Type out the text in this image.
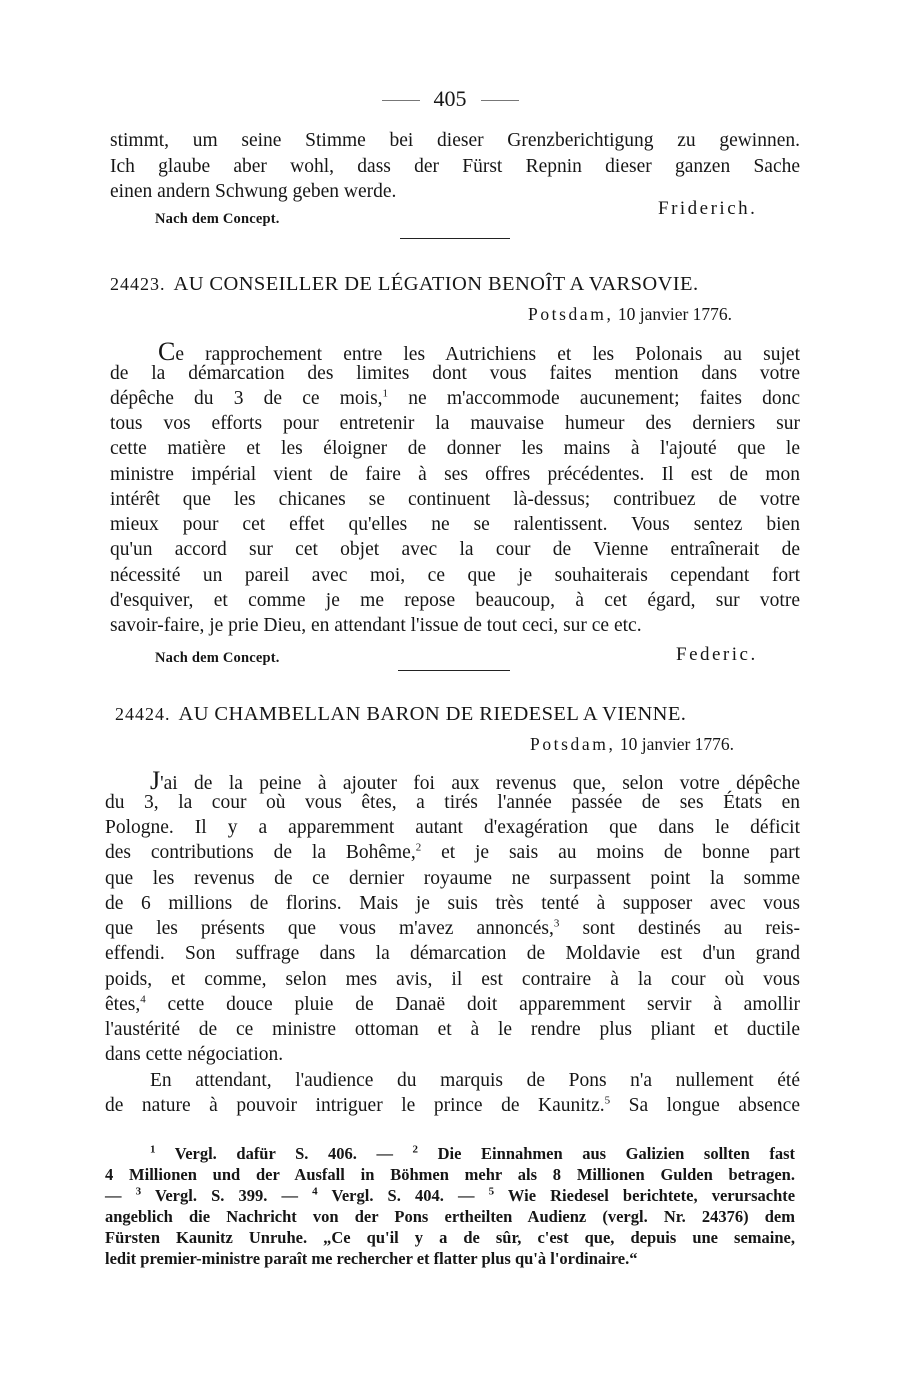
405
stimmt, um seine Stimme bei dieser Grenzberichtigung zu gewinnen.
Ich glaube aber wohl, dass der Fürst Repnin dieser ganzen Sache
einen andern Schwung geben werde.
Friderich.
Nach dem Concept.
24423. AU CONSEILLER DE LÉGATION BENOÎT A VARSOVIE.
Potsdam, 10 janvier 1776.
Ce rapprochement entre les Autrichiens et les Polonais au sujet
de la démarcation des limites dont vous faites mention dans votre
dépêche du 3 de ce mois,$^1$ ne m'accommode aucunement; faites donc
tous vos efforts pour entretenir la mauvaise humeur des derniers sur
cette matière et les éloigner de donner les mains à l'ajouté que le
ministre impérial vient de faire à ses offres précédentes. Il est de mon
intérêt que les chicanes se continuent là-dessus; contribuez de votre
mieux pour cet effet qu'elles ne se ralentissent. Vous sentez bien
qu'un accord sur cet objet avec la cour de Vienne entraînerait de
nécessité un pareil avec moi, ce que je souhaiterais cependant fort
d'esquiver, et comme je me repose beaucoup, à cet égard, sur votre
savoir-faire, je prie Dieu, en attendant l'issue de tout ceci, sur ce etc.
Nach dem Concept.	Federic.
24424. AU CHAMBELLAN BARON DE RIEDESEL A VIENNE.
Potsdam, 10 janvier 1776.
J'ai de la peine à ajouter foi aux revenus que, selon votre dépêche
du 3, la cour où vous êtes, a tirés l'année passée de ses États en
Pologne. Il y a apparemment autant d'exagération que dans le déficit
des contributions de la Bohême,$^2$ et je sais au moins de bonne part
que les revenus de ce dernier royaume ne surpassent point la somme
de 6 millions de florins. Mais je suis très tenté à supposer avec vous
que les présents que vous m'avez annoncés,$^3$ sont destinés au reis-
effendi. Son suffrage dans la démarcation de Moldavie est d'un grand
poids, et comme, selon mes avis, il est contraire à la cour où vous
êtes,$^4$ cette douce pluie de Danaë doit apparemment servir à amollir
l'austérité de ce ministre ottoman et à le rendre plus pliant et ductile
dans cette négociation.
En attendant, l'audience du marquis de Pons n'a nullement été
de nature à pouvoir intriguer le prince de Kaunitz.$^5$ Sa longue absence
$^1$ Vergl. dafür S. 406. — $^2$ Die Einnahmen aus Galizien sollten fast
4 Millionen und der Ausfall in Böhmen mehr als 8 Millionen Gulden betragen.
— $^3$ Vergl. S. 399. — $^4$ Vergl. S. 404. — $^5$ Wie Riedesel berichtete, verursachte
angeblich die Nachricht von der Pons ertheilten Audienz (vergl. Nr. 24376) dem
Fürsten Kaunitz Unruhe. „Ce qu'il y a de sûr, c'est que, depuis une semaine,
ledit premier-ministre paraît me rechercher et flatter plus qu'à l'ordinaire.“
